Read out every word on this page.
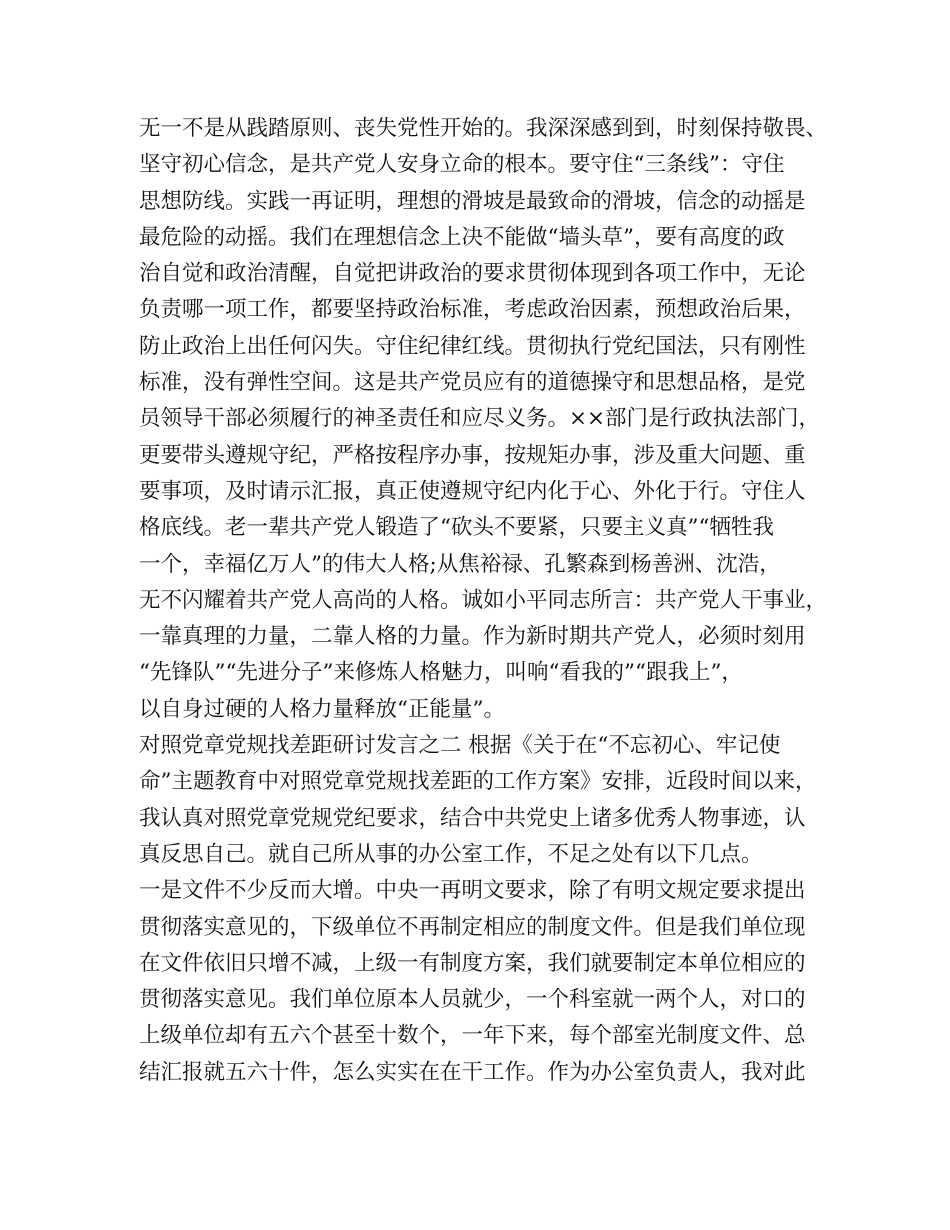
无一不是从践踏原则、丧失党性开始的。我深深感到到，时刻保持敬畏、
坚守初心信念，是共产党人安身立命的根本。要守住“三条线”：守住
思想防线。实践一再证明，理想的滑坡是最致命的滑坡，信念的动摇是
最危险的动摇。我们在理想信念上决不能做“墙头草”，要有高度的政
治自觉和政治清醒，自觉把讲政治的要求贯彻体现到各项工作中，无论
负责哪一项工作，都要坚持政治标准，考虑政治因素，预想政治后果，
防止政治上出任何闪失。守住纪律红线。贯彻执行党纪国法，只有刚性
标准，没有弹性空间。这是共产党员应有的道德操守和思想品格，是党
员领导干部必须履行的神圣责任和应尽义务。××部门是行政执法部门，
更要带头遵规守纪，严格按程序办事，按规矩办事，涉及重大问题、重
要事项，及时请示汇报，真正使遵规守纪内化于心、外化于行。守住人
格底线。老一辈共产党人锻造了“砍头不要紧，只要主义真”“牺牲我
一个，幸福亿万人”的伟大人格;从焦裕禄、孔繁森到杨善洲、沈浩，
无不闪耀着共产党人高尚的人格。诚如小平同志所言：共产党人干事业，
一靠真理的力量，二靠人格的力量。作为新时期共产党人，必须时刻用
“先锋队”“先进分子”来修炼人格魅力，叫响“看我的”“跟我上”，
以自身过硬的人格力量释放“正能量”。
对照党章党规找差距研讨发言之二 根据《关于在“不忘初心、牢记使
命”主题教育中对照党章党规找差距的工作方案》安排，近段时间以来，
我认真对照党章党规党纪要求，结合中共党史上诸多优秀人物事迹，认
真反思自己。就自己所从事的办公室工作，不足之处有以下几点。
一是文件不少反而大增。中央一再明文要求，除了有明文规定要求提出
贯彻落实意见的，下级单位不再制定相应的制度文件。但是我们单位现
在文件依旧只增不减，上级一有制度方案，我们就要制定本单位相应的
贯彻落实意见。我们单位原本人员就少，一个科室就一两个人，对口的
上级单位却有五六个甚至十数个，一年下来，每个部室光制度文件、总
结汇报就五六十件，怎么实实在在干工作。作为办公室负责人，我对此
